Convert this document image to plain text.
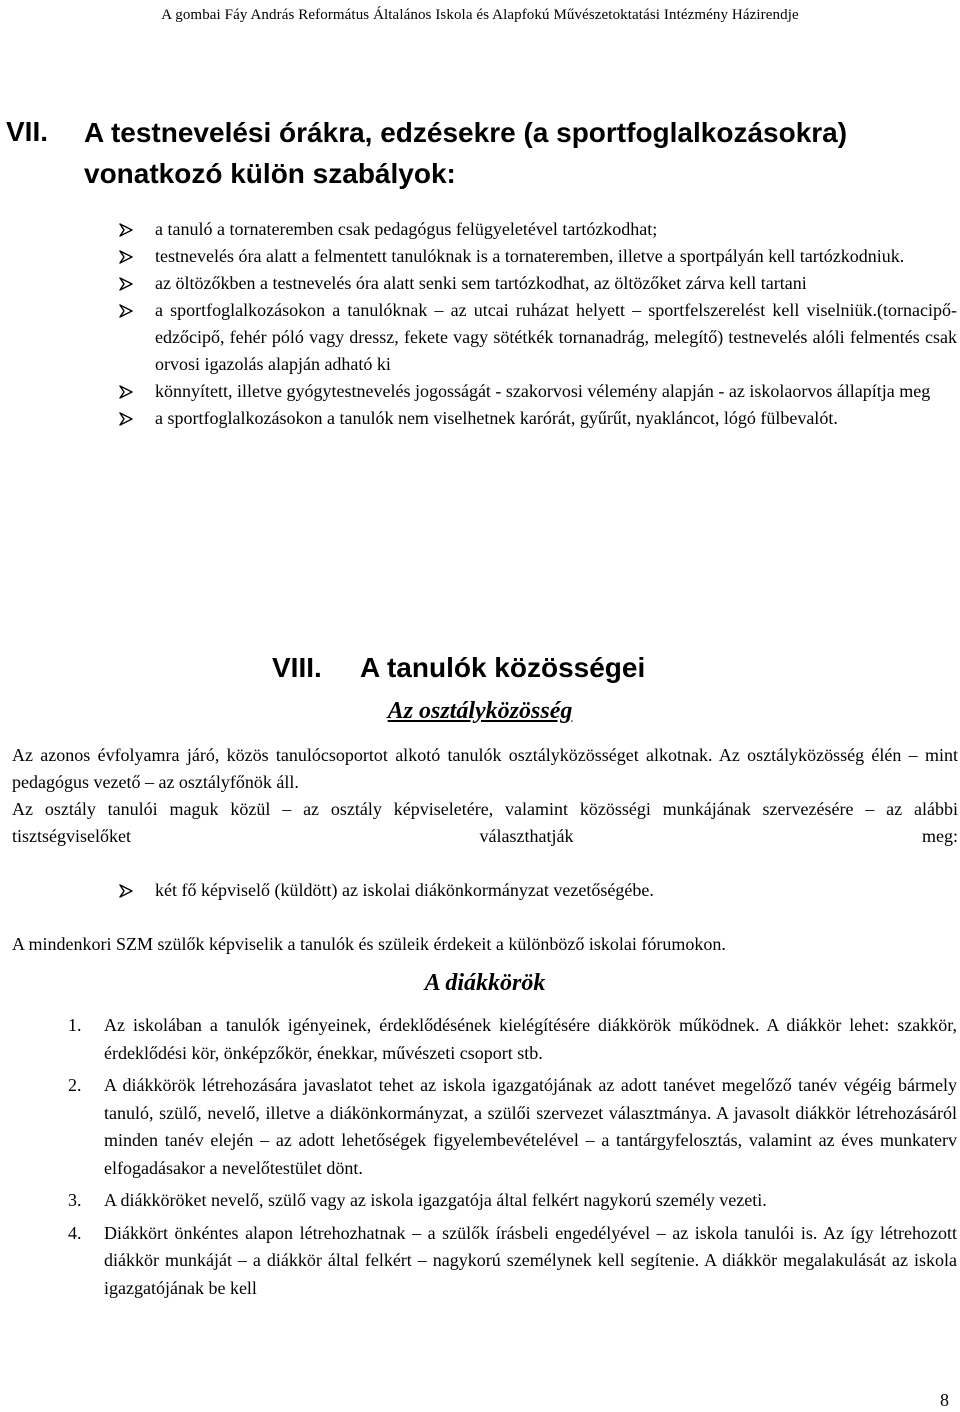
A gombai Fáy András Református Általános Iskola és Alapfokú Művészetoktatási Intézmény Házirendje
VII. A testnevelési órákra, edzésekre (a sportfoglalkozásokra) vonatkozó külön szabályok:
a tanuló a tornateremben csak pedagógus felügyeletével tartózkodhat;
testnevelés óra alatt a felmentett tanulóknak is a tornateremben, illetve a sportpályán kell tartózkodniuk.
az öltözőkben a testnevelés óra alatt senki sem tartózkodhat, az öltözőket zárva kell tartani
a sportfoglalkozásokon a tanulóknak – az utcai ruházat helyett – sportfelszerelést kell viselniük.(tornacipő-edzőcipő, fehér póló vagy dressz, fekete vagy sötétkék tornanadrág, melegítő) testnevelés alóli felmentés csak orvosi igazolás alapján adható ki
könnyített, illetve gyógytestnevelés jogosságát - szakorvosi vélemény alapján - az iskolaorvos állapítja meg
a sportfoglalkozásokon a tanulók nem viselhetnek karórát, gyűrűt, nyakláncot, lógó fülbevalót.
VIII. A tanulók közösségei
Az osztályközösség
Az azonos évfolyamra járó, közös tanulócsoportot alkotó tanulók osztályközösséget alkotnak. Az osztályközösség élén – mint pedagógus vezető – az osztályfőnök áll.
Az osztály tanulói maguk közül – az osztály képviseletére, valamint közösségi munkájának szervezésére – az alábbi tisztségviselőket választhatják meg:
két fő képviselő (küldött) az iskolai diákönkormányzat vezetőségébe.
A mindenkori SZM szülők képviselik a tanulók és szüleik érdekeit a különböző iskolai fórumokon.
A diákkörök
1. Az iskolában a tanulók igényeinek, érdeklődésének kielégítésére diákkörök működnek. A diákkör lehet: szakkör, érdeklődési kör, önképzőkör, énekkar, művészeti csoport stb.
2. A diákkörök létrehozására javaslatot tehet az iskola igazgatójának az adott tanévet megelőző tanév végéig bármely tanuló, szülő, nevelő, illetve a diákönkormányzat, a szülői szervezet választmánya. A javasolt diákkör létrehozásáról minden tanév elején – az adott lehetőségek figyelembevételével – a tantárgyfelosztás, valamint az éves munkaterv elfogadásakor a nevelőtestület dönt.
3. A diákköröket nevelő, szülő vagy az iskola igazgatója által felkért nagykorú személy vezeti.
4. Diákkört önkéntes alapon létrehozhatnak – a szülők írásbeli engedélyével – az iskola tanulói is. Az így létrehozott diákkör munkáját – a diákkör által felkért – nagykorú személynek kell segítenie. A diákkör megalakulását az iskola igazgatójának be kell
8
